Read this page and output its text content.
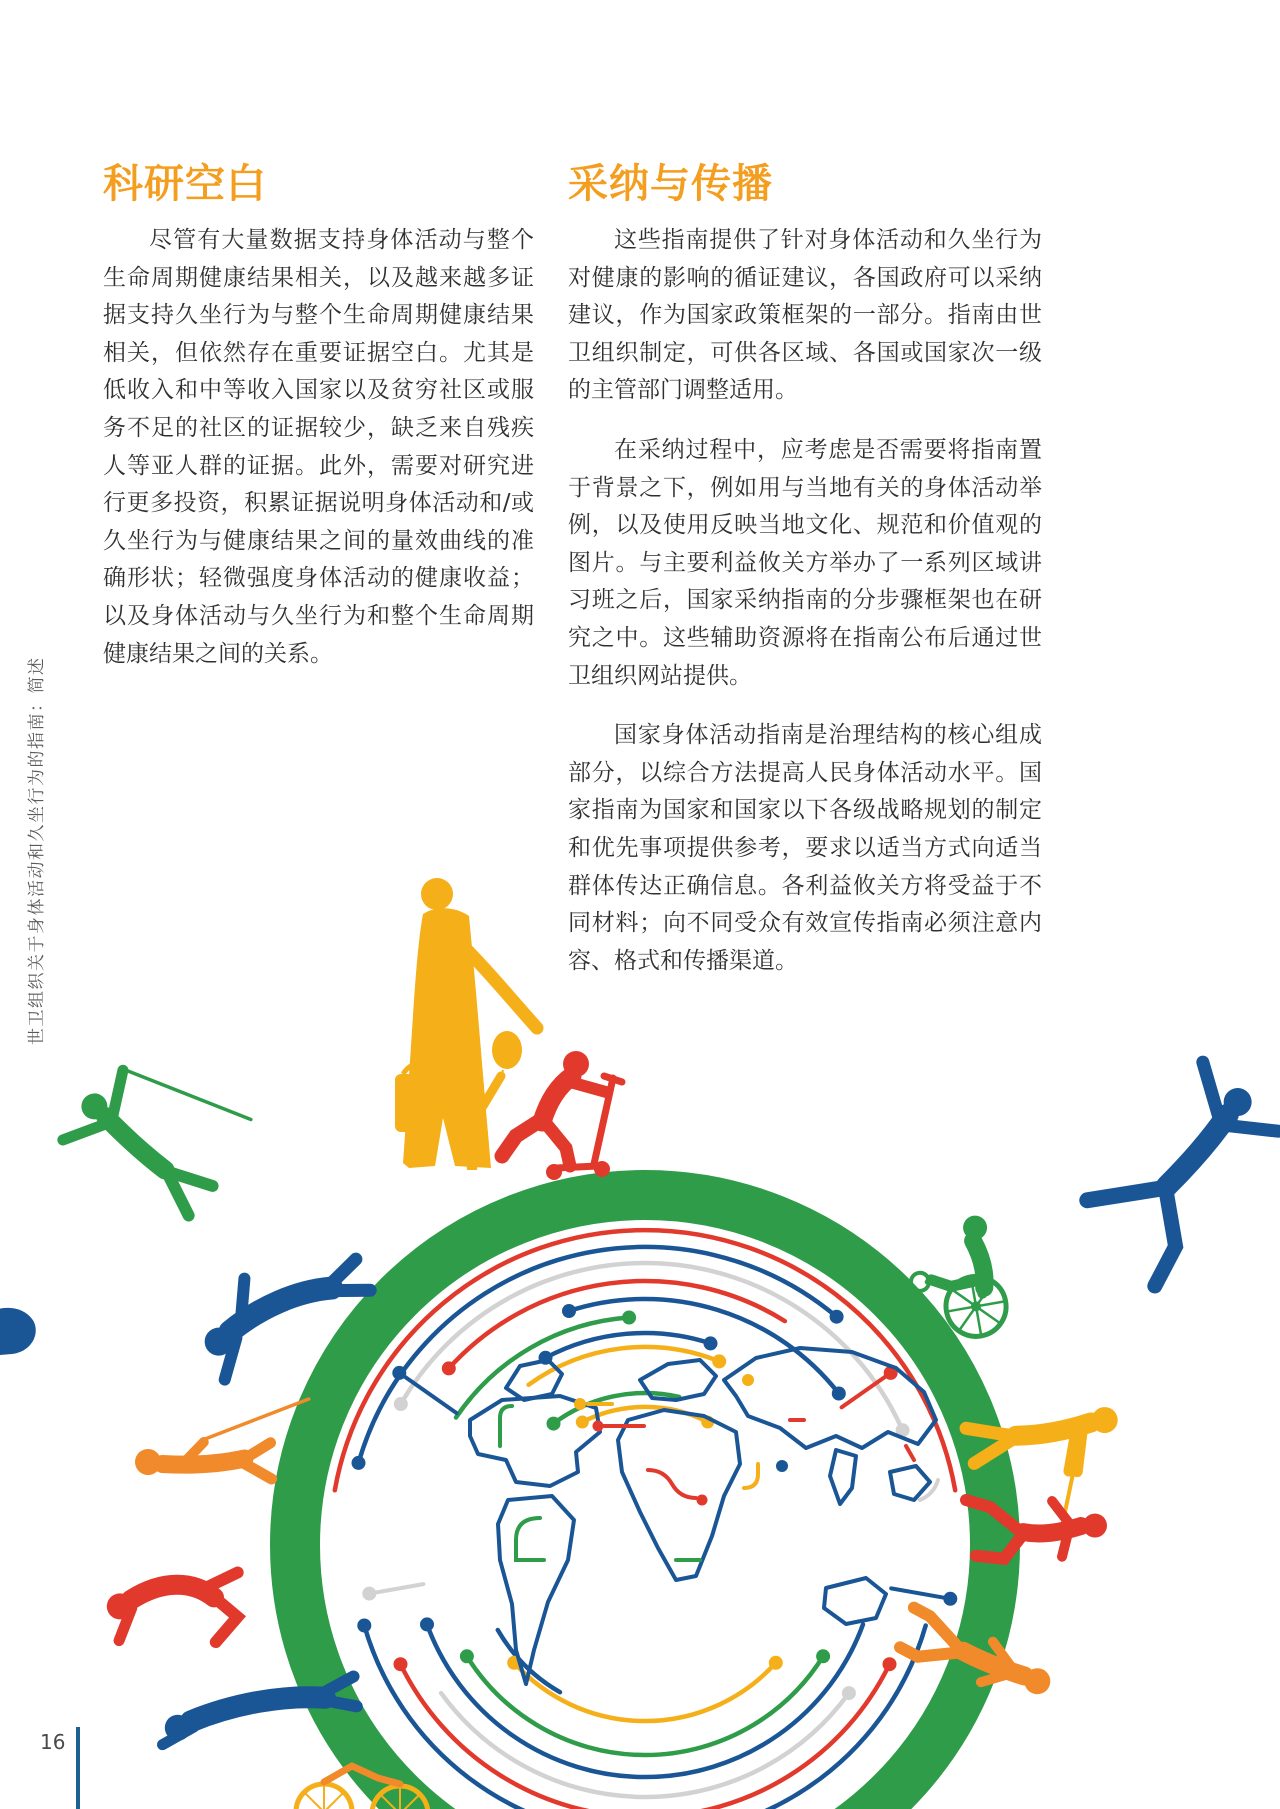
世卫组织关于身体活动和久坐行为的指南：简述
科研空白
尽管有大量数据支持身体活动与整个
生命周期健康结果相关，以及越来越多证
据支持久坐行为与整个生命周期健康结果
相关，但依然存在重要证据空白。尤其是
低收入和中等收入国家以及贫穷社区或服
务不足的社区的证据较少，缺乏来自残疾
人等亚人群的证据。此外，需要对研究进
行更多投资，积累证据说明身体活动和/或
久坐行为与健康结果之间的量效曲线的准
确形状；轻微强度身体活动的健康收益；
以及身体活动与久坐行为和整个生命周期
健康结果之间的关系。
采纳与传播
这些指南提供了针对身体活动和久坐行为
对健康的影响的循证建议，各国政府可以采纳
建议，作为国家政策框架的一部分。指南由世
卫组织制定，可供各区域、各国或国家次一级
的主管部门调整适用。
在采纳过程中，应考虑是否需要将指南置
于背景之下，例如用与当地有关的身体活动举
例，以及使用反映当地文化、规范和价值观的
图片。与主要利益攸关方举办了一系列区域讲
习班之后，国家采纳指南的分步骤框架也在研
究之中。这些辅助资源将在指南公布后通过世
卫组织网站提供。
国家身体活动指南是治理结构的核心组成
部分，以综合方法提高人民身体活动水平。国
家指南为国家和国家以下各级战略规划的制定
和优先事项提供参考，要求以适当方式向适当
群体传达正确信息。各利益攸关方将受益于不
同材料；向不同受众有效宣传指南必须注意内
容、格式和传播渠道。
16
